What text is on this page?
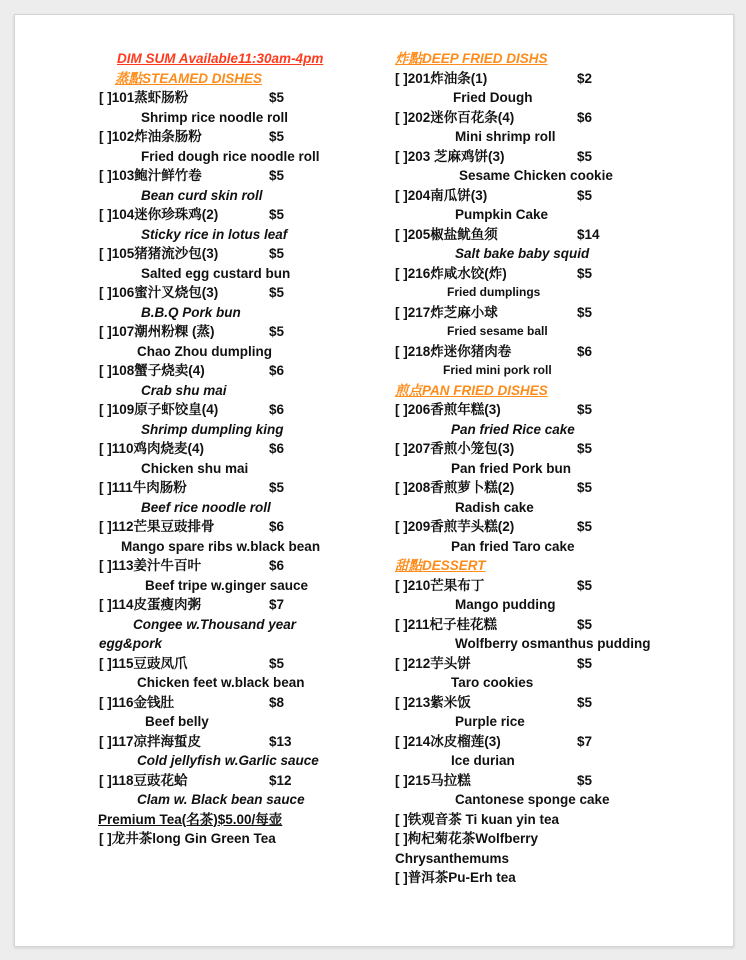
DIM SUM Available11:30am-4pm
蒸點STEAMED DISHES
[ ]101蒸虾肠粉	$5
Shrimp rice noodle roll
[ ]102炸油条肠粉	$5
Fried dough rice noodle roll
[ ]103鲍汁鲜竹卷	$5
Bean curd skin roll
[ ]104迷你珍珠鸡(2)	$5
Sticky rice in lotus leaf
[ ]105猪猪流沙包(3)	$5
Salted egg custard bun
[ ]106蜜汁叉烧包(3)	$5
B.B.Q Pork bun
[ ]107潮州粉粿 (蒸)	$5
Chao Zhou dumpling
[ ]108蟹子烧卖(4)	$6
Crab shu mai
[ ]109原子虾饺皇(4)	$6
Shrimp dumpling king
[ ]110鸡肉烧麦(4)	$6
Chicken shu mai
[ ]111牛肉肠粉	$5
Beef rice noodle roll
[ ]112芒果豆豉排骨	$6
Mango spare ribs w.black bean
[ ]113姜汁牛百叶	$6
Beef tripe w.ginger sauce
[ ]114皮蛋瘦肉粥	$7
Congee w.Thousand year
egg&pork
[ ]115豆豉凤爪	$5
Chicken feet w.black bean
[ ]116金钱肚	$8
Beef belly
[ ]117凉拌海蜇皮	$13
Cold jellyfish w.Garlic sauce
[ ]118豆豉花蛤	$12
Clam w. Black bean sauce
Premium Tea(名茶)$5.00/每壶
[ ]龙井茶long Gin Green Tea
炸點DEEP FRIED DISHS
[ ]201炸油条(1)	$2
Fried Dough
[ ]202迷你百花条(4)	$6
Mini shrimp roll
[ ]203 芝麻鸡饼(3)	$5
Sesame Chicken cookie
[ ]204南瓜饼(3)	$5
Pumpkin Cake
[ ]205椒盐鱿鱼须	$14
Salt bake baby squid
[ ]216炸咸水饺(炸)	$5
Fried dumplings
[ ]217炸芝麻小球	$5
Fried sesame ball
[ ]218炸迷你猪肉卷	$6
Fried mini pork roll
煎点PAN FRIED DISHES
[ ]206香煎年糕(3)	$5
Pan fried Rice cake
[ ]207香煎小笼包(3)	$5
Pan fried Pork bun
[ ]208香煎萝卜糕(2)	$5
Radish cake
[ ]209香煎芋头糕(2)	$5
Pan fried Taro cake
甜點DESSERT
[ ]210芒果布丁	$5
Mango pudding
[ ]211杞子桂花糕	$5
Wolfberry osmanthus pudding
[ ]212芋头饼	$5
Taro cookies
[ ]213紫米饭	$5
Purple rice
[ ]214冰皮榴莲(3)	$7
Ice durian
[ ]215马拉糕	$5
Cantonese sponge cake
[ ]铁观音茶 Ti kuan yin tea
[ ]枸杞菊花茶Wolfberry
Chrysanthemums
[ ]普洱茶Pu-Erh tea
